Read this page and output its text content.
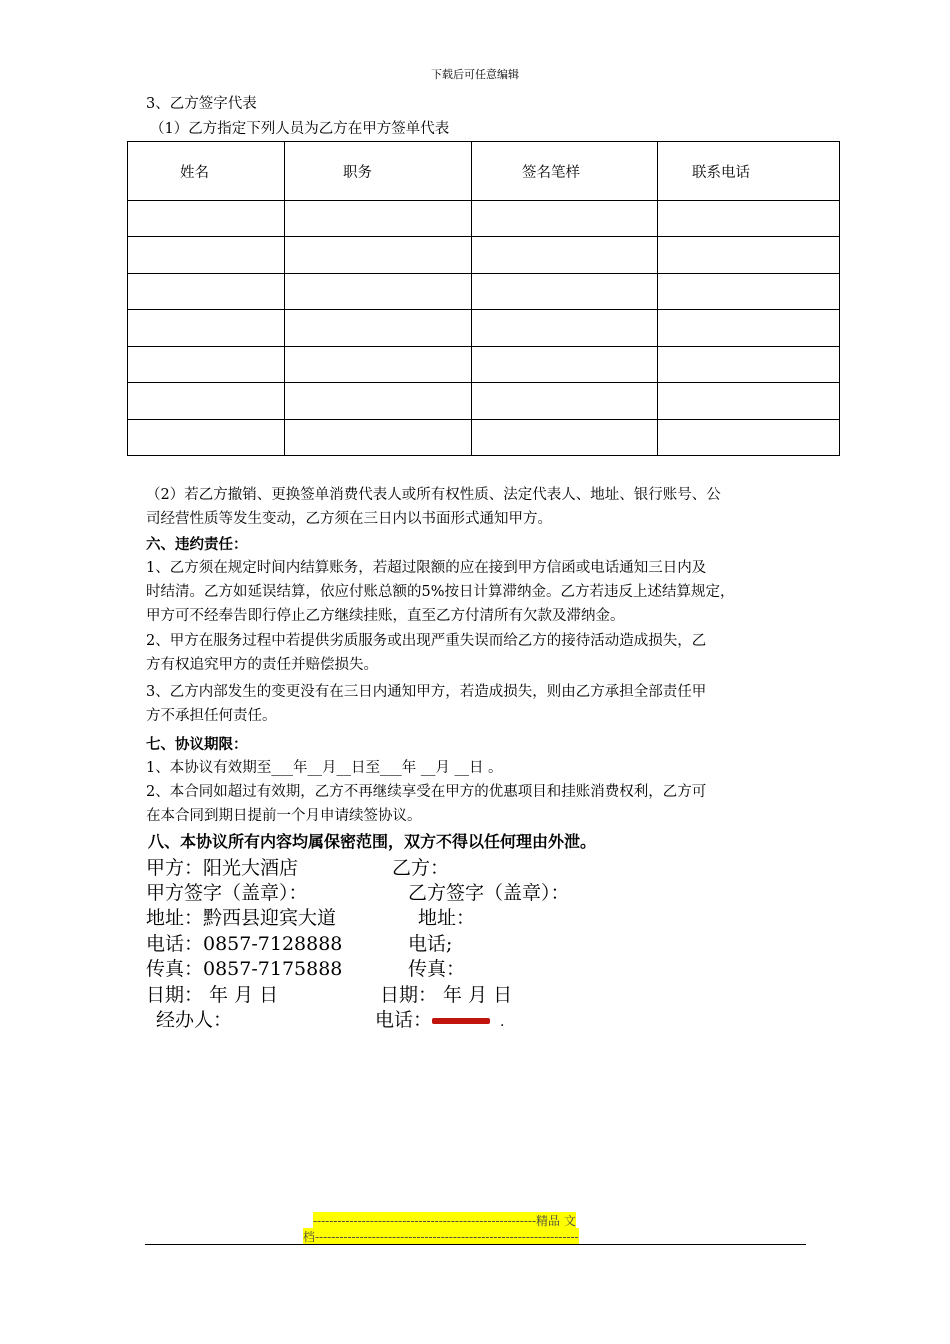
下载后可任意编辑
3、乙方签字代表
（1）乙方指定下列人员为乙方在甲方签单代表
姓名	职务	签名笔样	联系电话

（2）若乙方撤销、更换签单消费代表人或所有权性质、法定代表人、地址、银行账号、公
司经营性质等发生变动，乙方须在三日内以书面形式通知甲方。
六、违约责任：
1、乙方须在规定时间内结算账务，若超过限额的应在接到甲方信函或电话通知三日内及
时结清。乙方如延误结算，依应付账总额的5%按日计算滞纳金。乙方若违反上述结算规定，
甲方可不经奉告即行停止乙方继续挂账，直至乙方付清所有欠款及滞纳金。
2、甲方在服务过程中若提供劣质服务或出现严重失误而给乙方的接待活动造成损失，乙
方有权追究甲方的责任并赔偿损失。
3、乙方内部发生的变更没有在三日内通知甲方，若造成损失，则由乙方承担全部责任甲
方不承担任何责任。
七、协议期限：
1、本协议有效期至___年__月__日至___年 __月 __日 。
2、本合同如超过有效期，乙方不再继续享受在甲方的优惠项目和挂账消费权利，乙方可
在本合同到期日提前一个月申请续签协议。
八、本协议所有内容均属保密范围，双方不得以任何理由外泄。
甲方：阳光大酒店	乙方：
甲方签字（盖章）：	乙方签字（盖章）：
地址：黔西县迎宾大道	地址：
电话：0857-7128888	电话;
传真：0857-7175888	传真：
日期： 年 月 日	日期： 年 月 日
经办人：	电话：	.
-------------------------------------------------------精品 文
档-----------------------------------------------------------------
